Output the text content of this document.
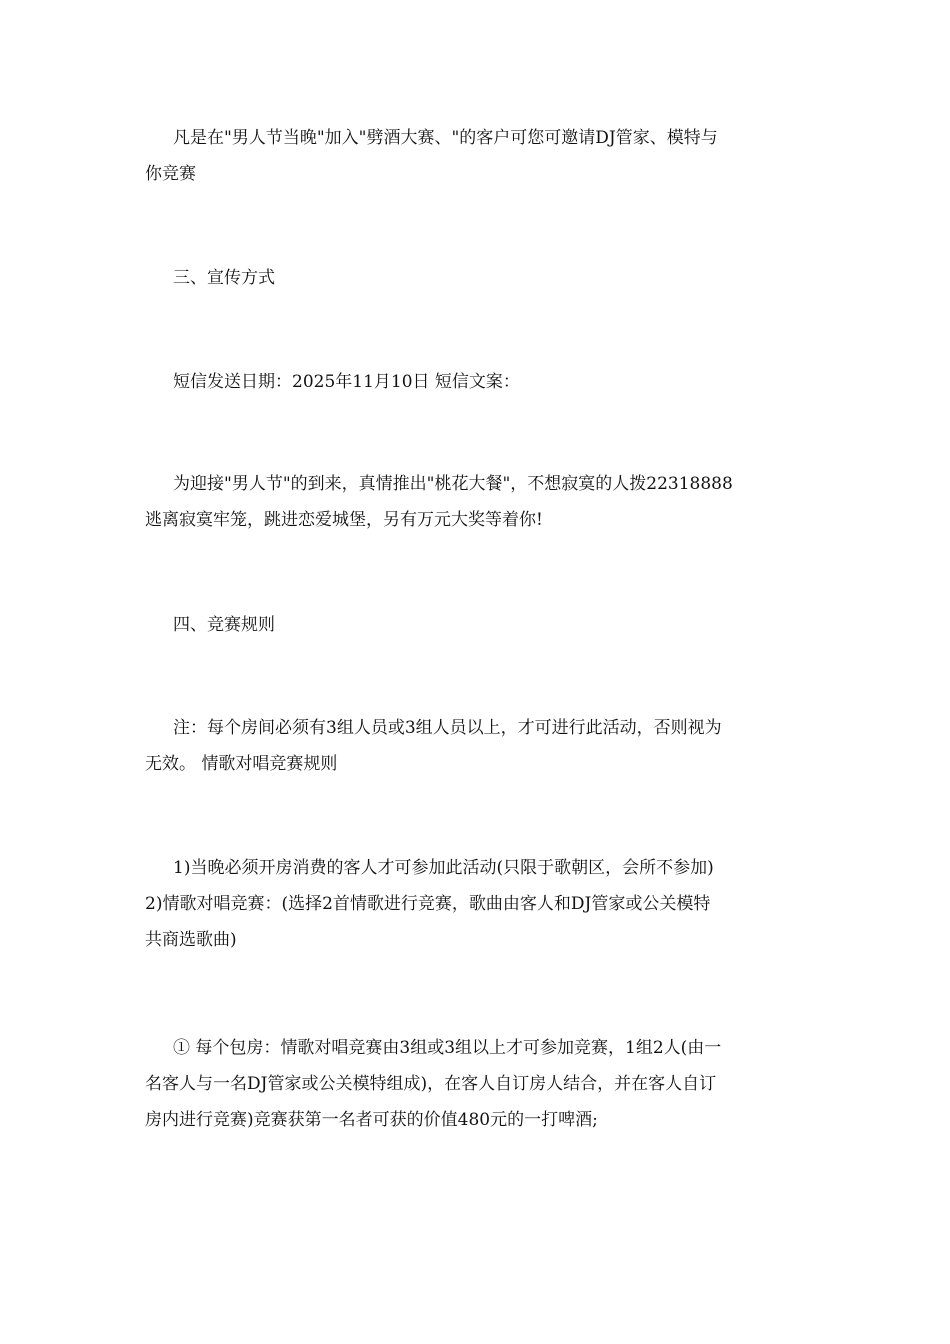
凡是在"男人节当晚"加入"劈酒大赛、"的客户可您可邀请DJ管家、模特与
你竞赛

三、宣传方式

短信发送日期：2025年11月10日 短信文案：

为迎接"男人节"的到来，真情推出"桃花大餐"，不想寂寞的人拨22318888
逃离寂寞牢笼，跳进恋爱城堡，另有万元大奖等着你!

四、竞赛规则

注：每个房间必须有3组人员或3组人员以上，才可进行此活动，否则视为
无效。 情歌对唱竞赛规则

1)当晚必须开房消费的客人才可参加此活动(只限于歌朝区，会所不参加)
2)情歌对唱竞赛：(选择2首情歌进行竞赛，歌曲由客人和DJ管家或公关模特
共商选歌曲)

① 每个包房：情歌对唱竞赛由3组或3组以上才可参加竞赛，1组2人(由一
名客人与一名DJ管家或公关模特组成)，在客人自订房人结合，并在客人自订
房内进行竞赛)竞赛获第一名者可获的价值480元的一打啤酒;
